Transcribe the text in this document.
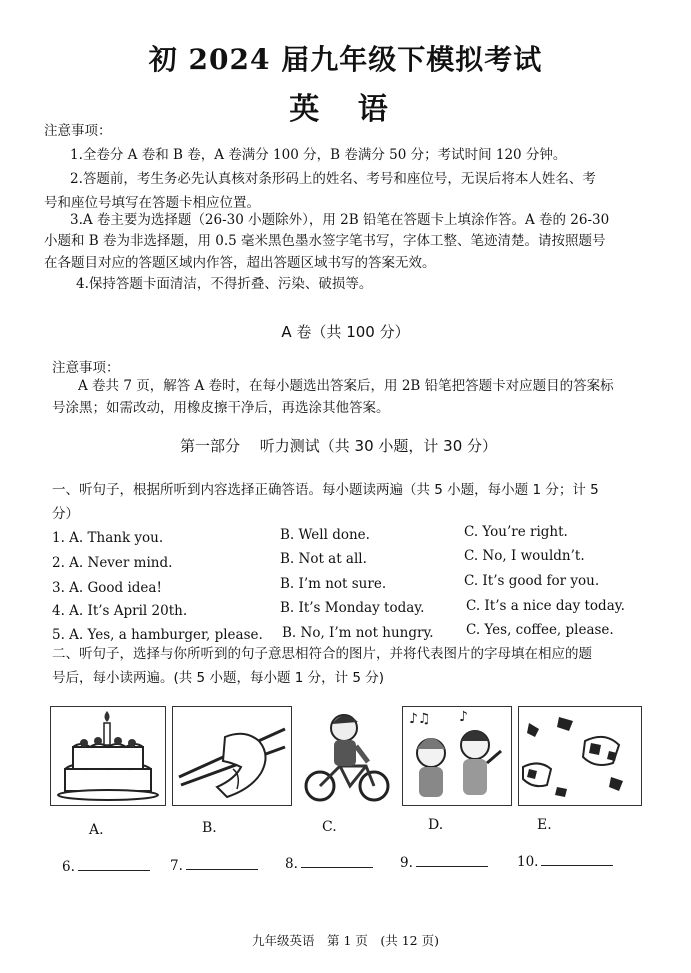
初 2024 届九年级下模拟考试
英 语
注意事项：
1.全卷分 A 卷和 B 卷，A 卷满分 100 分，B 卷满分 50 分；考试时间 120 分钟。
2.答题前，考生务必先认真核对条形码上的姓名、考号和座位号，无误后将本人姓名、考
号和座位号填写在答题卡相应位置。
3.A 卷主要为选择题（26-30 小题除外），用 2B 铅笔在答题卡上填涂作答。A 卷的 26-30
小题和 B 卷为非选择题，用 0.5 毫米黑色墨水签字笔书写，字体工整、笔迹清楚。请按照题号
在各题目对应的答题区域内作答，超出答题区域书写的答案无效。
4.保持答题卡面清洁，不得折叠、污染、破损等。
A 卷（共 100 分）
注意事项：
A 卷共 7 页，解答 A 卷时，在每小题选出答案后，用 2B 铅笔把答题卡对应题目的答案标
号涂黑；如需改动，用橡皮擦干净后，再选涂其他答案。
第一部分　 听力测试（共 30 小题，计 30 分）
一、听句子，根据所听到内容选择正确答语。每小题读两遍（共 5 小题，每小题 1 分；计 5
分）
1. A. Thank you.	B. Well done.	C. You’re right.
2. A. Never mind.	B. Not at all.	C. No, I wouldn’t.
3. A. Good idea!	B. I’m not sure.	C. It’s good for you.
4. A. It’s April 20th.	B. It’s Monday today.	C. It’s a nice day today.
5. A. Yes, a hamburger, please. B. No, I’m not hungry. C. Yes, coffee, please.
二、听句子，选择与你所听到的句子意思相符合的图片，并将代表图片的字母填在相应的题
号后，每小读两遍。(共 5 小题，每小题 1 分，计 5 分)
♪♫ ♪
A.	B.	C.	D.	E.
6.	7.	8.	9.	10.
九年级英语　第 1 页　(共 12 页)
